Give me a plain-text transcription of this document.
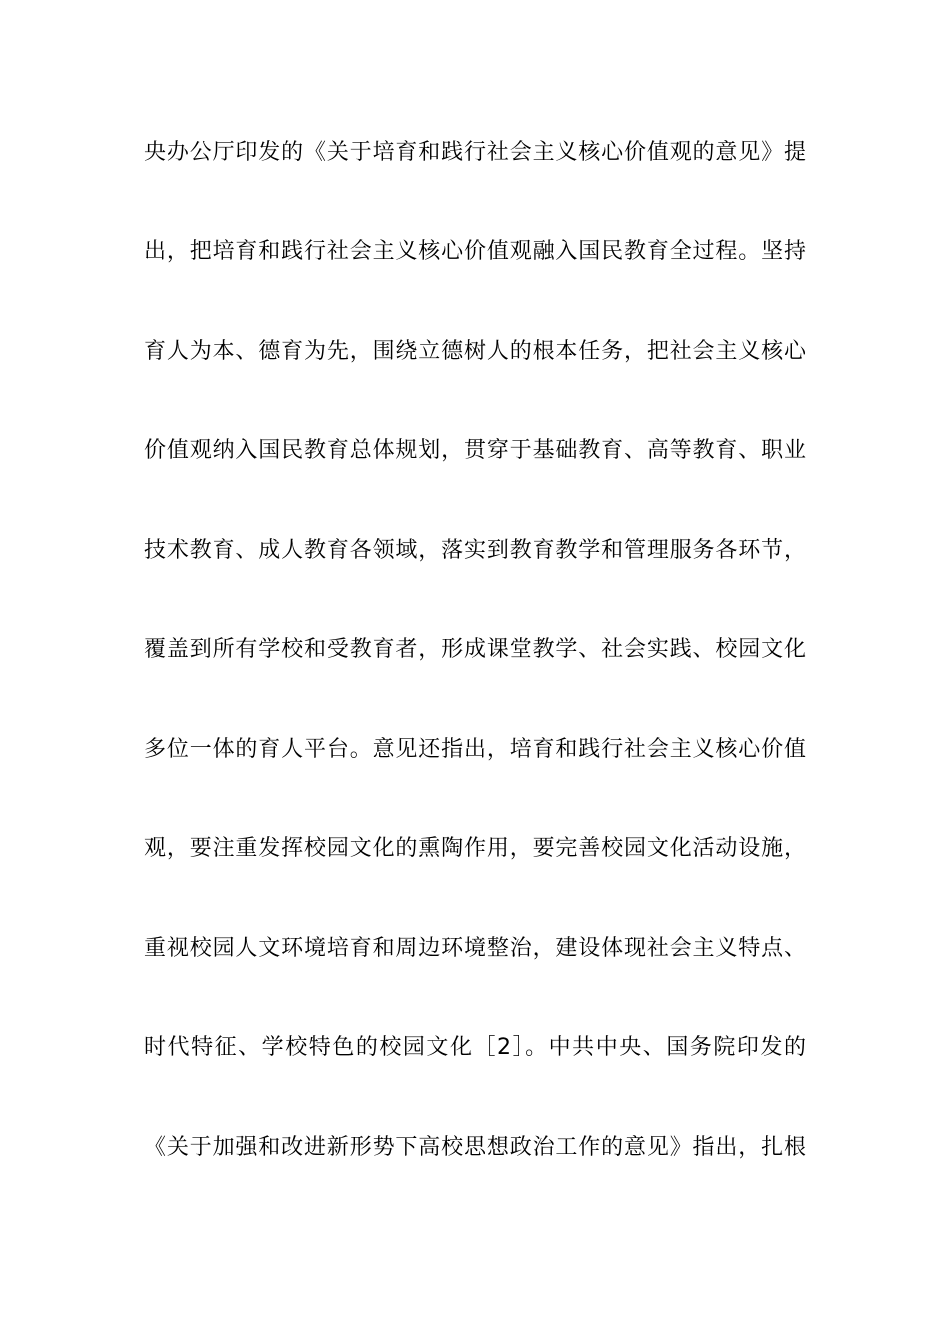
央办公厅印发的《关于培育和践行社会主义核心价值观的意见》提
出，把培育和践行社会主义核心价值观融入国民教育全过程。坚持
育人为本、德育为先，围绕立德树人的根本任务，把社会主义核心
价值观纳入国民教育总体规划，贯穿于基础教育、高等教育、职业
技术教育、成人教育各领域，落实到教育教学和管理服务各环节，
覆盖到所有学校和受教育者，形成课堂教学、社会实践、校园文化
多位一体的育人平台。意见还指出，培育和践行社会主义核心价值
观，要注重发挥校园文化的熏陶作用，要完善校园文化活动设施，
重视校园人文环境培育和周边环境整治，建设体现社会主义特点、
时代特征、学校特色的校园文化［2］。中共中央、国务院印发的
《关于加强和改进新形势下高校思想政治工作的意见》指出，扎根
